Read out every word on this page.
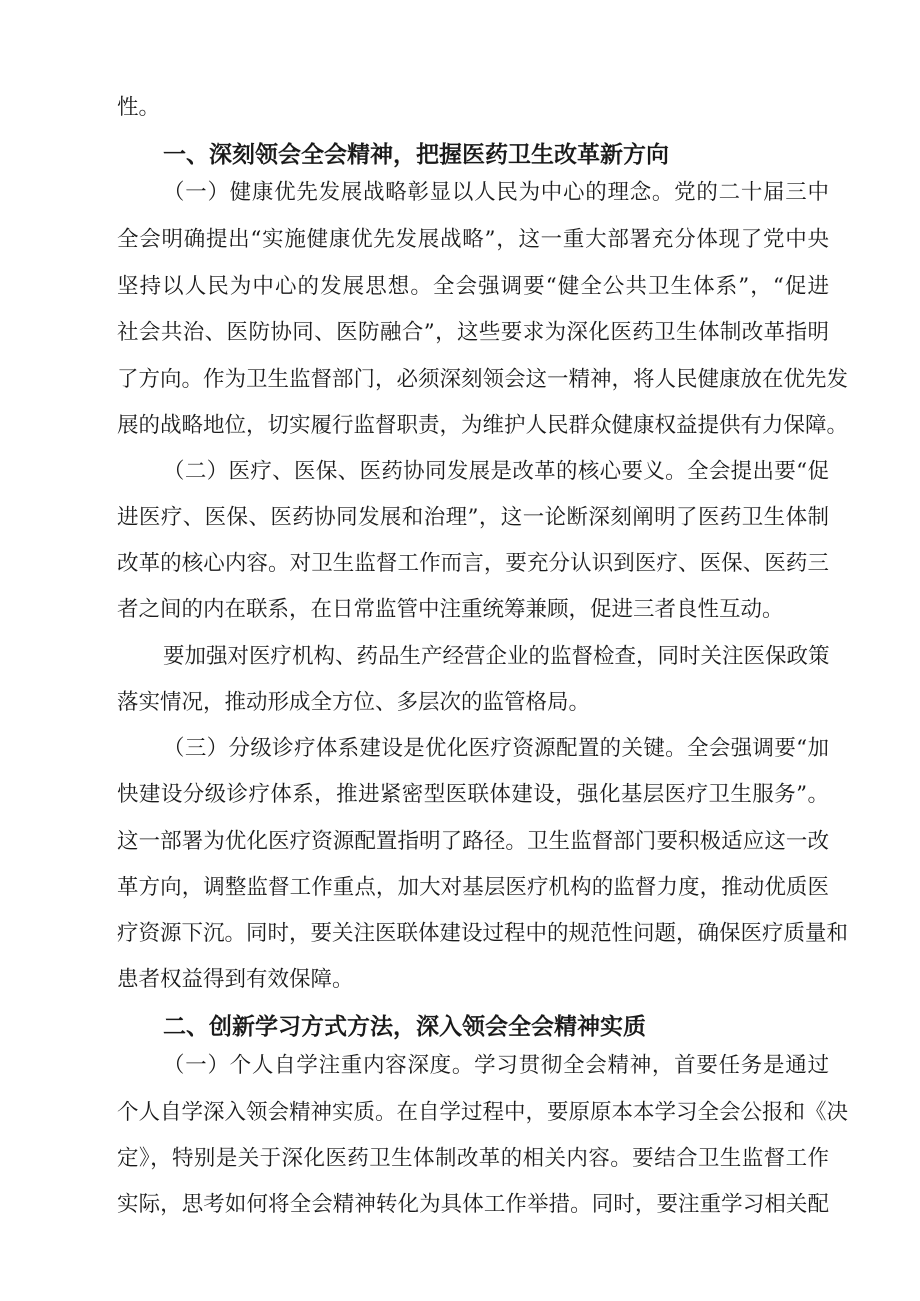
性。
一、深刻领会全会精神，把握医药卫生改革新方向
（一）健康优先发展战略彰显以人民为中心的理念。党的二十届三中
全会明确提出“实施健康优先发展战略”，这一重大部署充分体现了党中央
坚持以人民为中心的发展思想。全会强调要“健全公共卫生体系”，“促进
社会共治、医防协同、医防融合”，这些要求为深化医药卫生体制改革指明
了方向。作为卫生监督部门，必须深刻领会这一精神，将人民健康放在优先发
展的战略地位，切实履行监督职责，为维护人民群众健康权益提供有力保障。
（二）医疗、医保、医药协同发展是改革的核心要义。全会提出要“促
进医疗、医保、医药协同发展和治理”，这一论断深刻阐明了医药卫生体制
改革的核心内容。对卫生监督工作而言，要充分认识到医疗、医保、医药三
者之间的内在联系，在日常监管中注重统筹兼顾，促进三者良性互动。
要加强对医疗机构、药品生产经营企业的监督检查，同时关注医保政策
落实情况，推动形成全方位、多层次的监管格局。
（三）分级诊疗体系建设是优化医疗资源配置的关键。全会强调要“加
快建设分级诊疗体系，推进紧密型医联体建设，强化基层医疗卫生服务”。
这一部署为优化医疗资源配置指明了路径。卫生监督部门要积极适应这一改
革方向，调整监督工作重点，加大对基层医疗机构的监督力度，推动优质医
疗资源下沉。同时，要关注医联体建设过程中的规范性问题，确保医疗质量和
患者权益得到有效保障。
二、创新学习方式方法，深入领会全会精神实质
（一）个人自学注重内容深度。学习贯彻全会精神，首要任务是通过
个人自学深入领会精神实质。在自学过程中，要原原本本学习全会公报和《决
定》，特别是关于深化医药卫生体制改革的相关内容。要结合卫生监督工作
实际，思考如何将全会精神转化为具体工作举措。同时，要注重学习相关配
